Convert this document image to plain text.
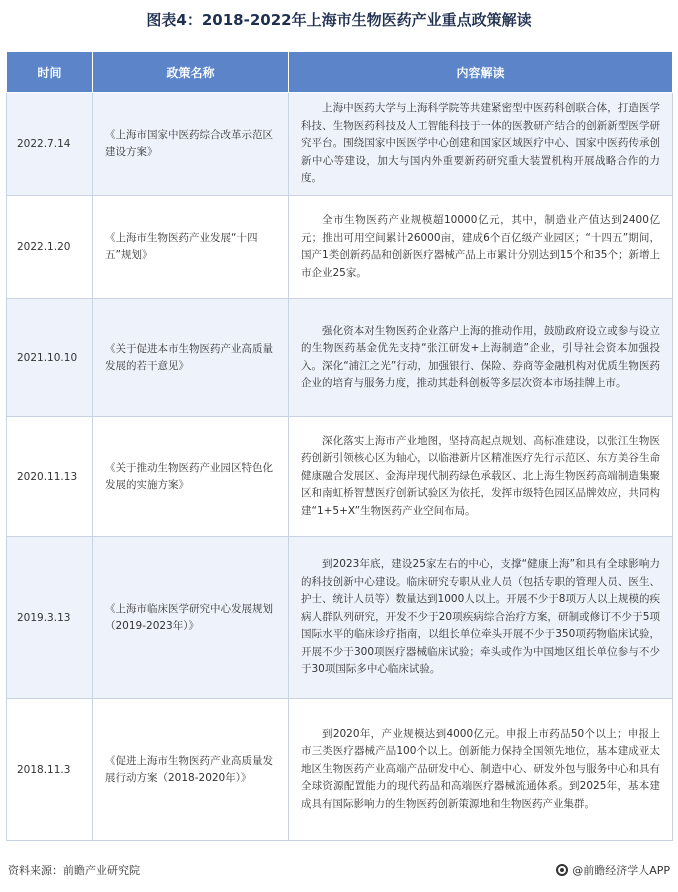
图表4：2018-2022年上海市生物医药产业重点政策解读
时间	政策名称	内容解读
2022.7.14	《上海市国家中医药综合改革示范区建设方案》	上海中医药大学与上海科学院等共建紧密型中医药科创联合体，打造医学科技、生物医药科技及人工智能科技于一体的医教研产结合的创新新型医学研究平台。围绕国家中医医学中心创建和国家区域医疗中心、国家中医药传承创新中心等建设，加大与国内外重要新药研究重大装置机构开展战略合作的力度。

2022.1.20	《上海市生物医药产业发展“十四五”规划》	全市生物医药产业规模超10000亿元，其中，制造业产值达到2400亿元；推出可用空间累计26000亩，建成6个百亿级产业园区；“十四五”期间，国产1类创新药品和创新医疗器械产品上市累计分别达到15个和35个；新增上市企业25家。

2021.10.10	《关于促进本市生物医药产业高质量发展的若干意见》	强化资本对生物医药企业落户上海的推动作用，鼓励政府设立或参与设立的生物医药基金优先支持“张江研发+上海制造”企业，引导社会资本加强投入。深化“浦江之光”行动，加强银行、保险、券商等金融机构对优质生物医药企业的培育与服务力度，推动其赴科创板等多层次资本市场挂牌上市。

2020.11.13	《关于推动生物医药产业园区特色化发展的实施方案》	深化落实上海市产业地图，坚持高起点规划、高标准建设，以张江生物医药创新引领核心区为轴心，以临港新片区精准医疗先行示范区、东方美谷生命健康融合发展区、金海岸现代制药绿色承载区、北上海生物医药高端制造集聚区和南虹桥智慧医疗创新试验区为依托，发挥市级特色园区品牌效应，共同构建“1+5+X”生物医药产业空间布局。

2019.3.13	《上海市临床医学研究中心发展规划（2019-2023年）》	到2023年底，建设25家左右的中心，支撑“健康上海”和具有全球影响力的科技创新中心建设。临床研究专职从业人员（包括专职的管理人员、医生、护士、统计人员等）数量达到1000人以上。开展不少于8项万人以上规模的疾病人群队列研究，开发不少于20项疾病综合治疗方案，研制或修订不少于5项国际水平的临床诊疗指南，以组长单位牵头开展不少于350项药物临床试验，开展不少于300项医疗器械临床试验；牵头或作为中国地区组长单位参与不少于30项国际多中心临床试验。

2018.11.3	《促进上海市生物医药产业高质量发展行动方案（2018-2020年）》	到2020年，产业规模达到4000亿元。申报上市药品50个以上；申报上市三类医疗器械产品100个以上。创新能力保持全国领先地位，基本建成亚太地区生物医药产业高端产品研发中心、制造中心、研发外包与服务中心和具有全球资源配置能力的现代药品和高端医疗器械流通体系。到2025年，基本建成具有国际影响力的生物医药创新策源地和生物医药产业集群。

资料来源：前瞻产业研究院	@前瞻经济学人APP
